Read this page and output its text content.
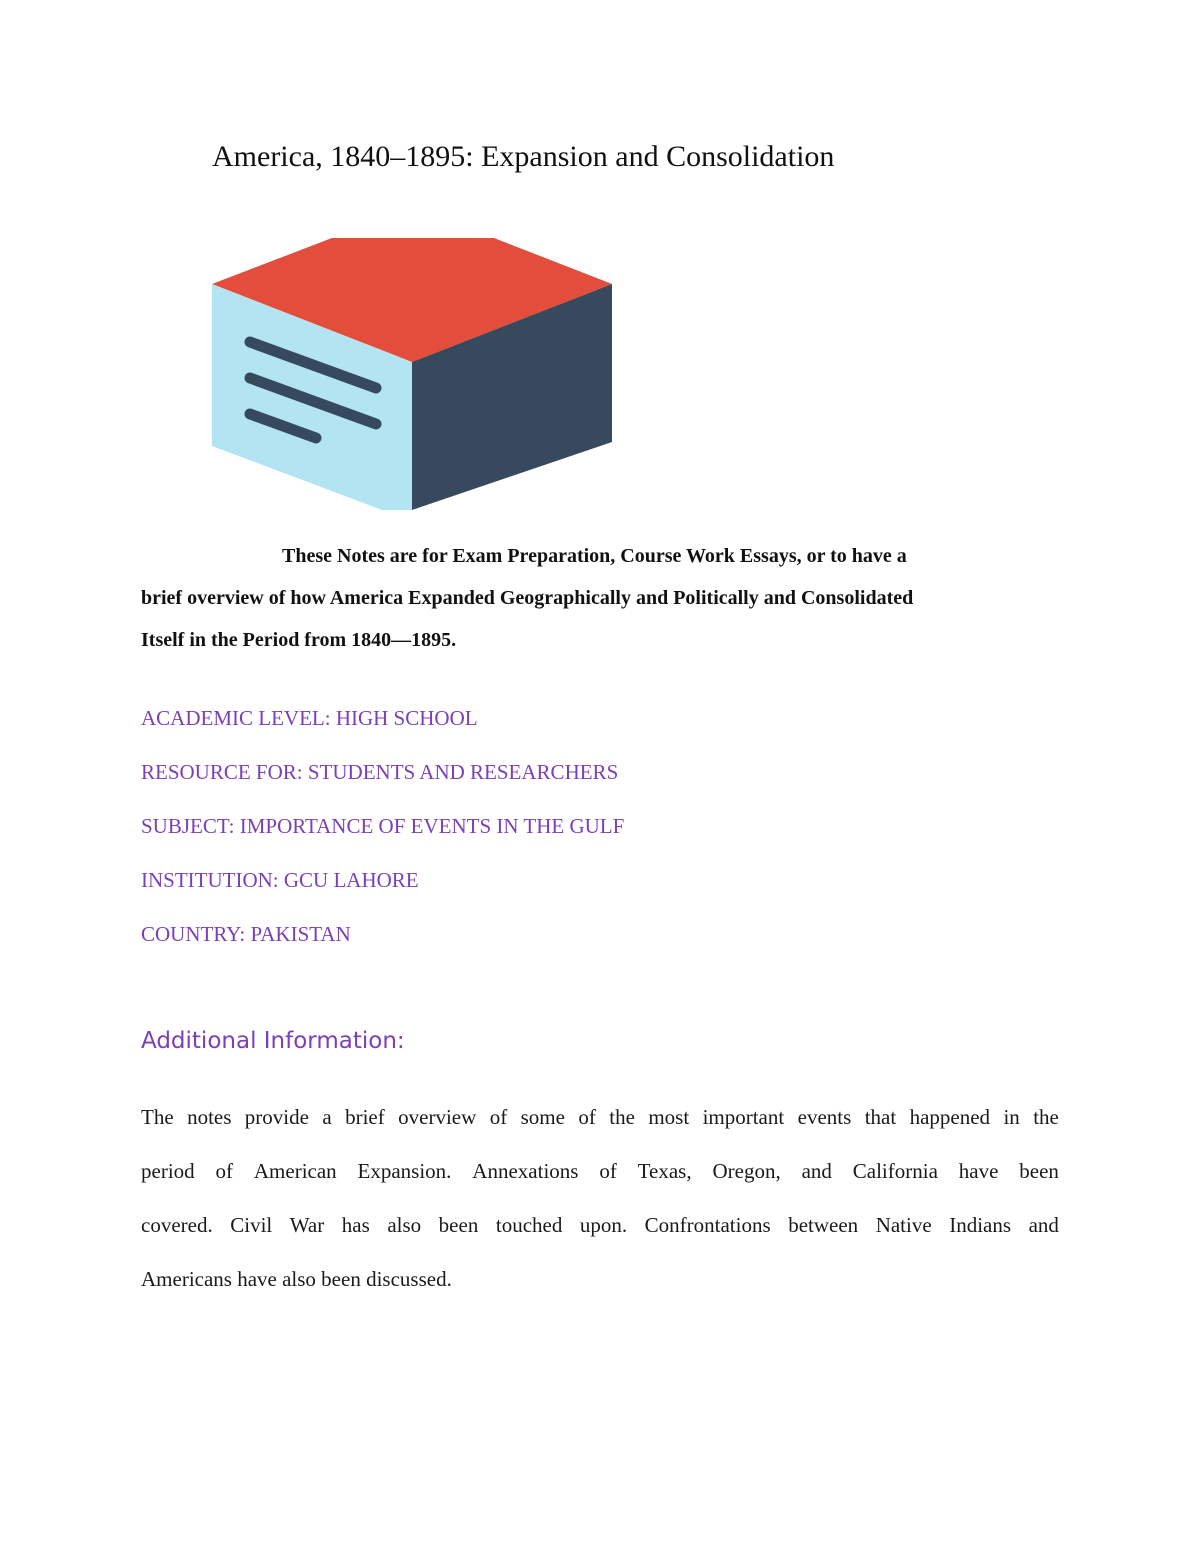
America, 1840–1895: Expansion and Consolidation

These Notes are for Exam Preparation, Course Work Essays, or to have a
brief overview of how America Expanded Geographically and Politically and Consolidated
Itself in the Period from 1840—1895.

ACADEMIC LEVEL: HIGH SCHOOL
RESOURCE FOR: STUDENTS AND RESEARCHERS
SUBJECT: IMPORTANCE OF EVENTS IN THE GULF
INSTITUTION: GCU LAHORE
COUNTRY: PAKISTAN
Additional Information:
The notes provide a brief overview of some of the most important events that happened in the
period of American Expansion. Annexations of Texas, Oregon, and California have been
covered. Civil War has also been touched upon. Confrontations between Native Indians and
Americans have also been discussed.
